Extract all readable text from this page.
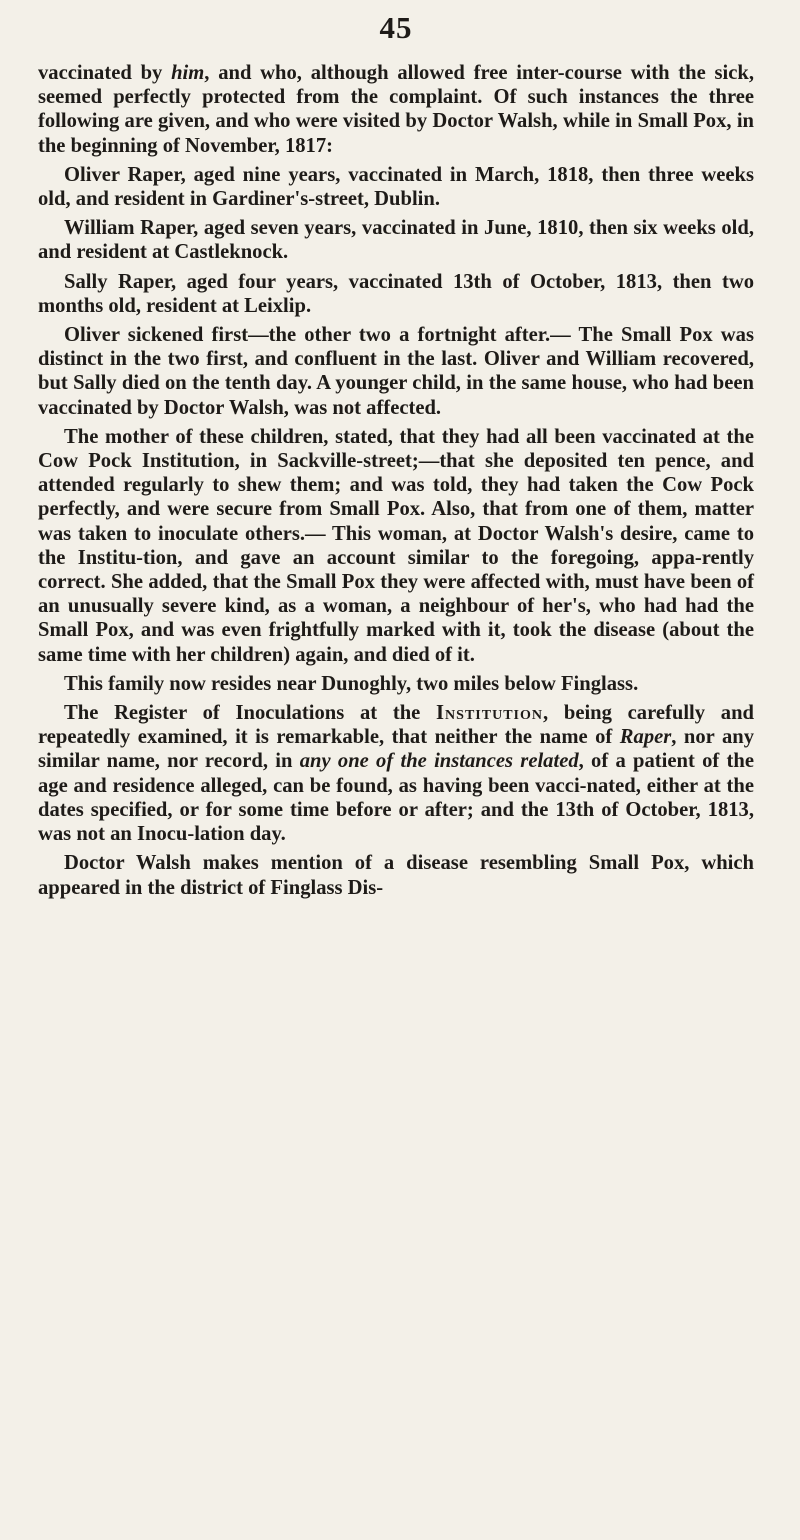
45

vaccinated by him, and who, although allowed free inter-course with the sick, seemed perfectly protected from the complaint. Of such instances the three following are given, and who were visited by Doctor Walsh, while in Small Pox, in the beginning of November, 1817:

Oliver Raper, aged nine years, vaccinated in March, 1818, then three weeks old, and resident in Gardiner's-street, Dublin.

William Raper, aged seven years, vaccinated in June, 1810, then six weeks old, and resident at Castleknock.

Sally Raper, aged four years, vaccinated 13th of October, 1813, then two months old, resident at Leixlip.

Oliver sickened first—the other two a fortnight after.— The Small Pox was distinct in the two first, and confluent in the last. Oliver and William recovered, but Sally died on the tenth day. A younger child, in the same house, who had been vaccinated by Doctor Walsh, was not affected.

The mother of these children, stated, that they had all been vaccinated at the Cow Pock Institution, in Sackville-street;—that she deposited ten pence, and attended regularly to shew them; and was told, they had taken the Cow Pock perfectly, and were secure from Small Pox. Also, that from one of them, matter was taken to inoculate others.— This woman, at Doctor Walsh's desire, came to the Institu-tion, and gave an account similar to the foregoing, appa-rently correct. She added, that the Small Pox they were affected with, must have been of an unusually severe kind, as a woman, a neighbour of her's, who had had the Small Pox, and was even frightfully marked with it, took the disease (about the same time with her children) again, and died of it.

This family now resides near Dunoghly, two miles below Finglass.

The Register of Inoculations at the Institution, being carefully and repeatedly examined, it is remarkable, that neither the name of Raper, nor any similar name, nor record, in any one of the instances related, of a patient of the age and residence alleged, can be found, as having been vacci-nated, either at the dates specified, or for some time before or after; and the 13th of October, 1813, was not an Inocu-lation day.

Doctor Walsh makes mention of a disease resembling Small Pox, which appeared in the district of Finglass Dis-
